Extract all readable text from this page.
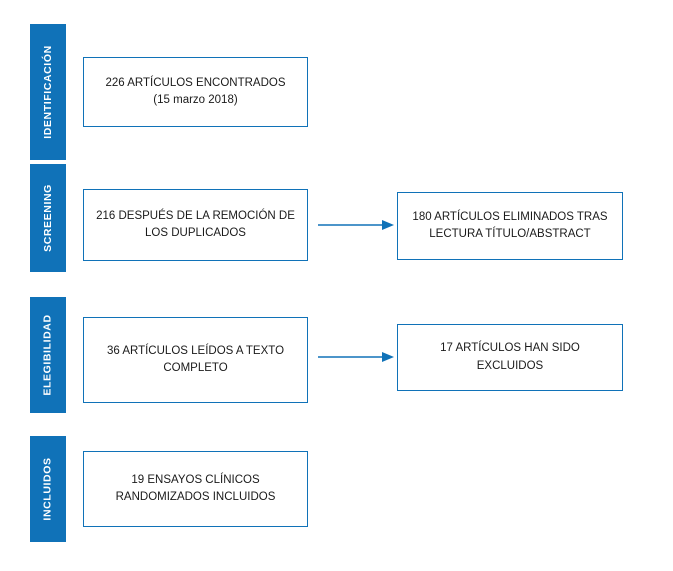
IDENTIFICACIÓN
SCREENING
ELEGIBILIDAD
INCLUIDOS
226 ARTÍCULOS ENCONTRADOS
(15 marzo 2018)
216 DESPUÉS DE LA REMOCIÓN DE
LOS DUPLICADOS
180 ARTÍCULOS ELIMINADOS TRAS
LECTURA TÍTULO/ABSTRACT
36 ARTÍCULOS LEÍDOS A TEXTO
COMPLETO
17 ARTÍCULOS HAN SIDO
EXCLUIDOS
19 ENSAYOS CLÍNICOS
RANDOMIZADOS INCLUIDOS
